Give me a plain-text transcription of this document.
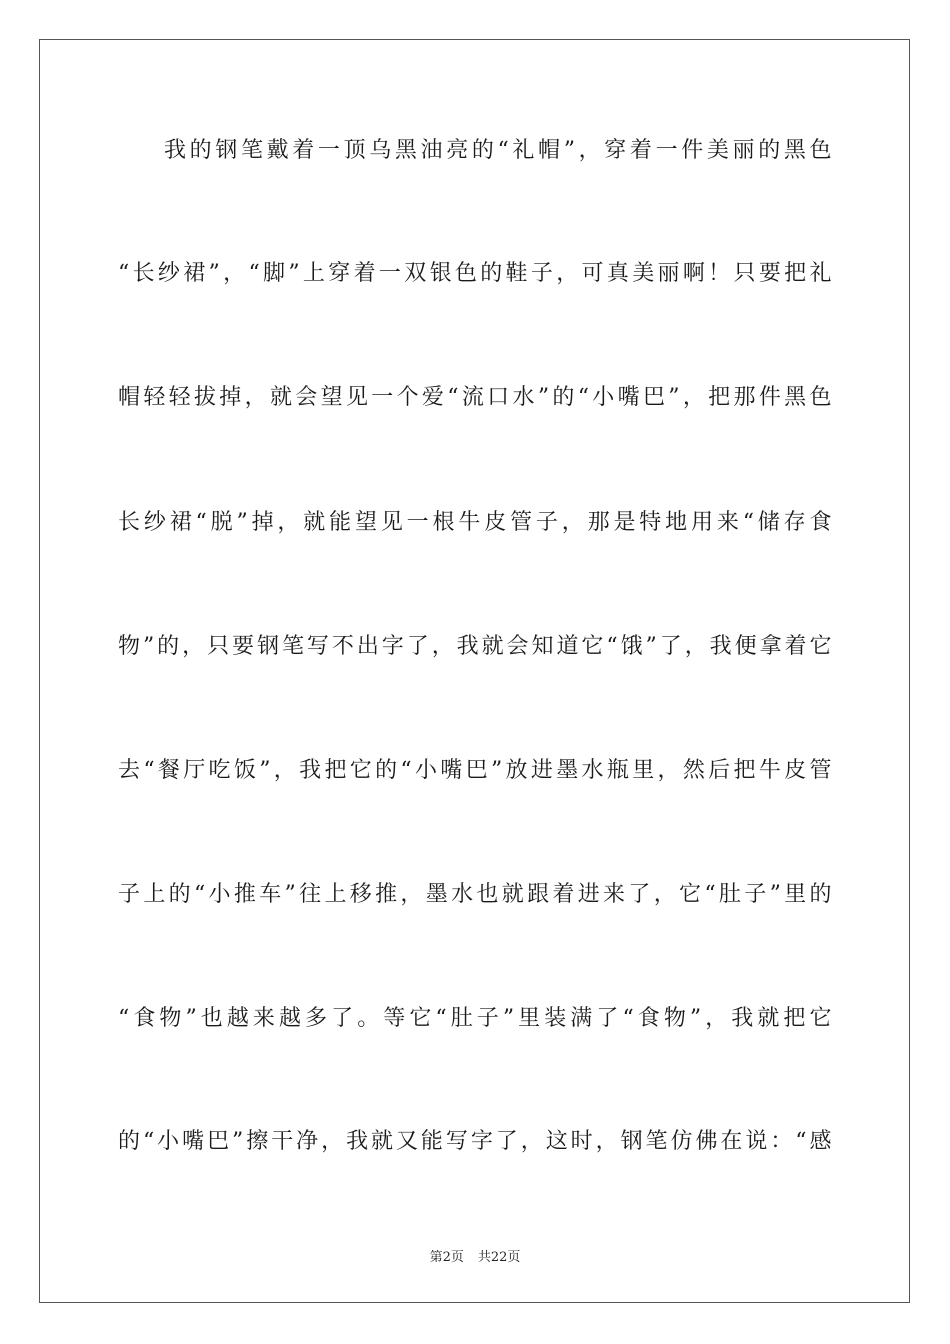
我的钢笔戴着一顶乌黑油亮的“礼帽”，穿着一件美丽的黑色
“长纱裙”，“脚”上穿着一双银色的鞋子，可真美丽啊！只要把礼
帽轻轻拔掉，就会望见一个爱“流口水”的“小嘴巴”，把那件黑色
长纱裙“脱”掉，就能望见一根牛皮管子，那是特地用来“储存食
物”的，只要钢笔写不出字了，我就会知道它“饿”了，我便拿着它
去“餐厅吃饭”，我把它的“小嘴巴”放进墨水瓶里，然后把牛皮管
子上的“小推车”往上移推，墨水也就跟着进来了，它“肚子”里的
“食物”也越来越多了。等它“肚子”里装满了“食物”，我就把它
的“小嘴巴”擦干净，我就又能写字了，这时，钢笔仿佛在说：“感
第2页 共22页
